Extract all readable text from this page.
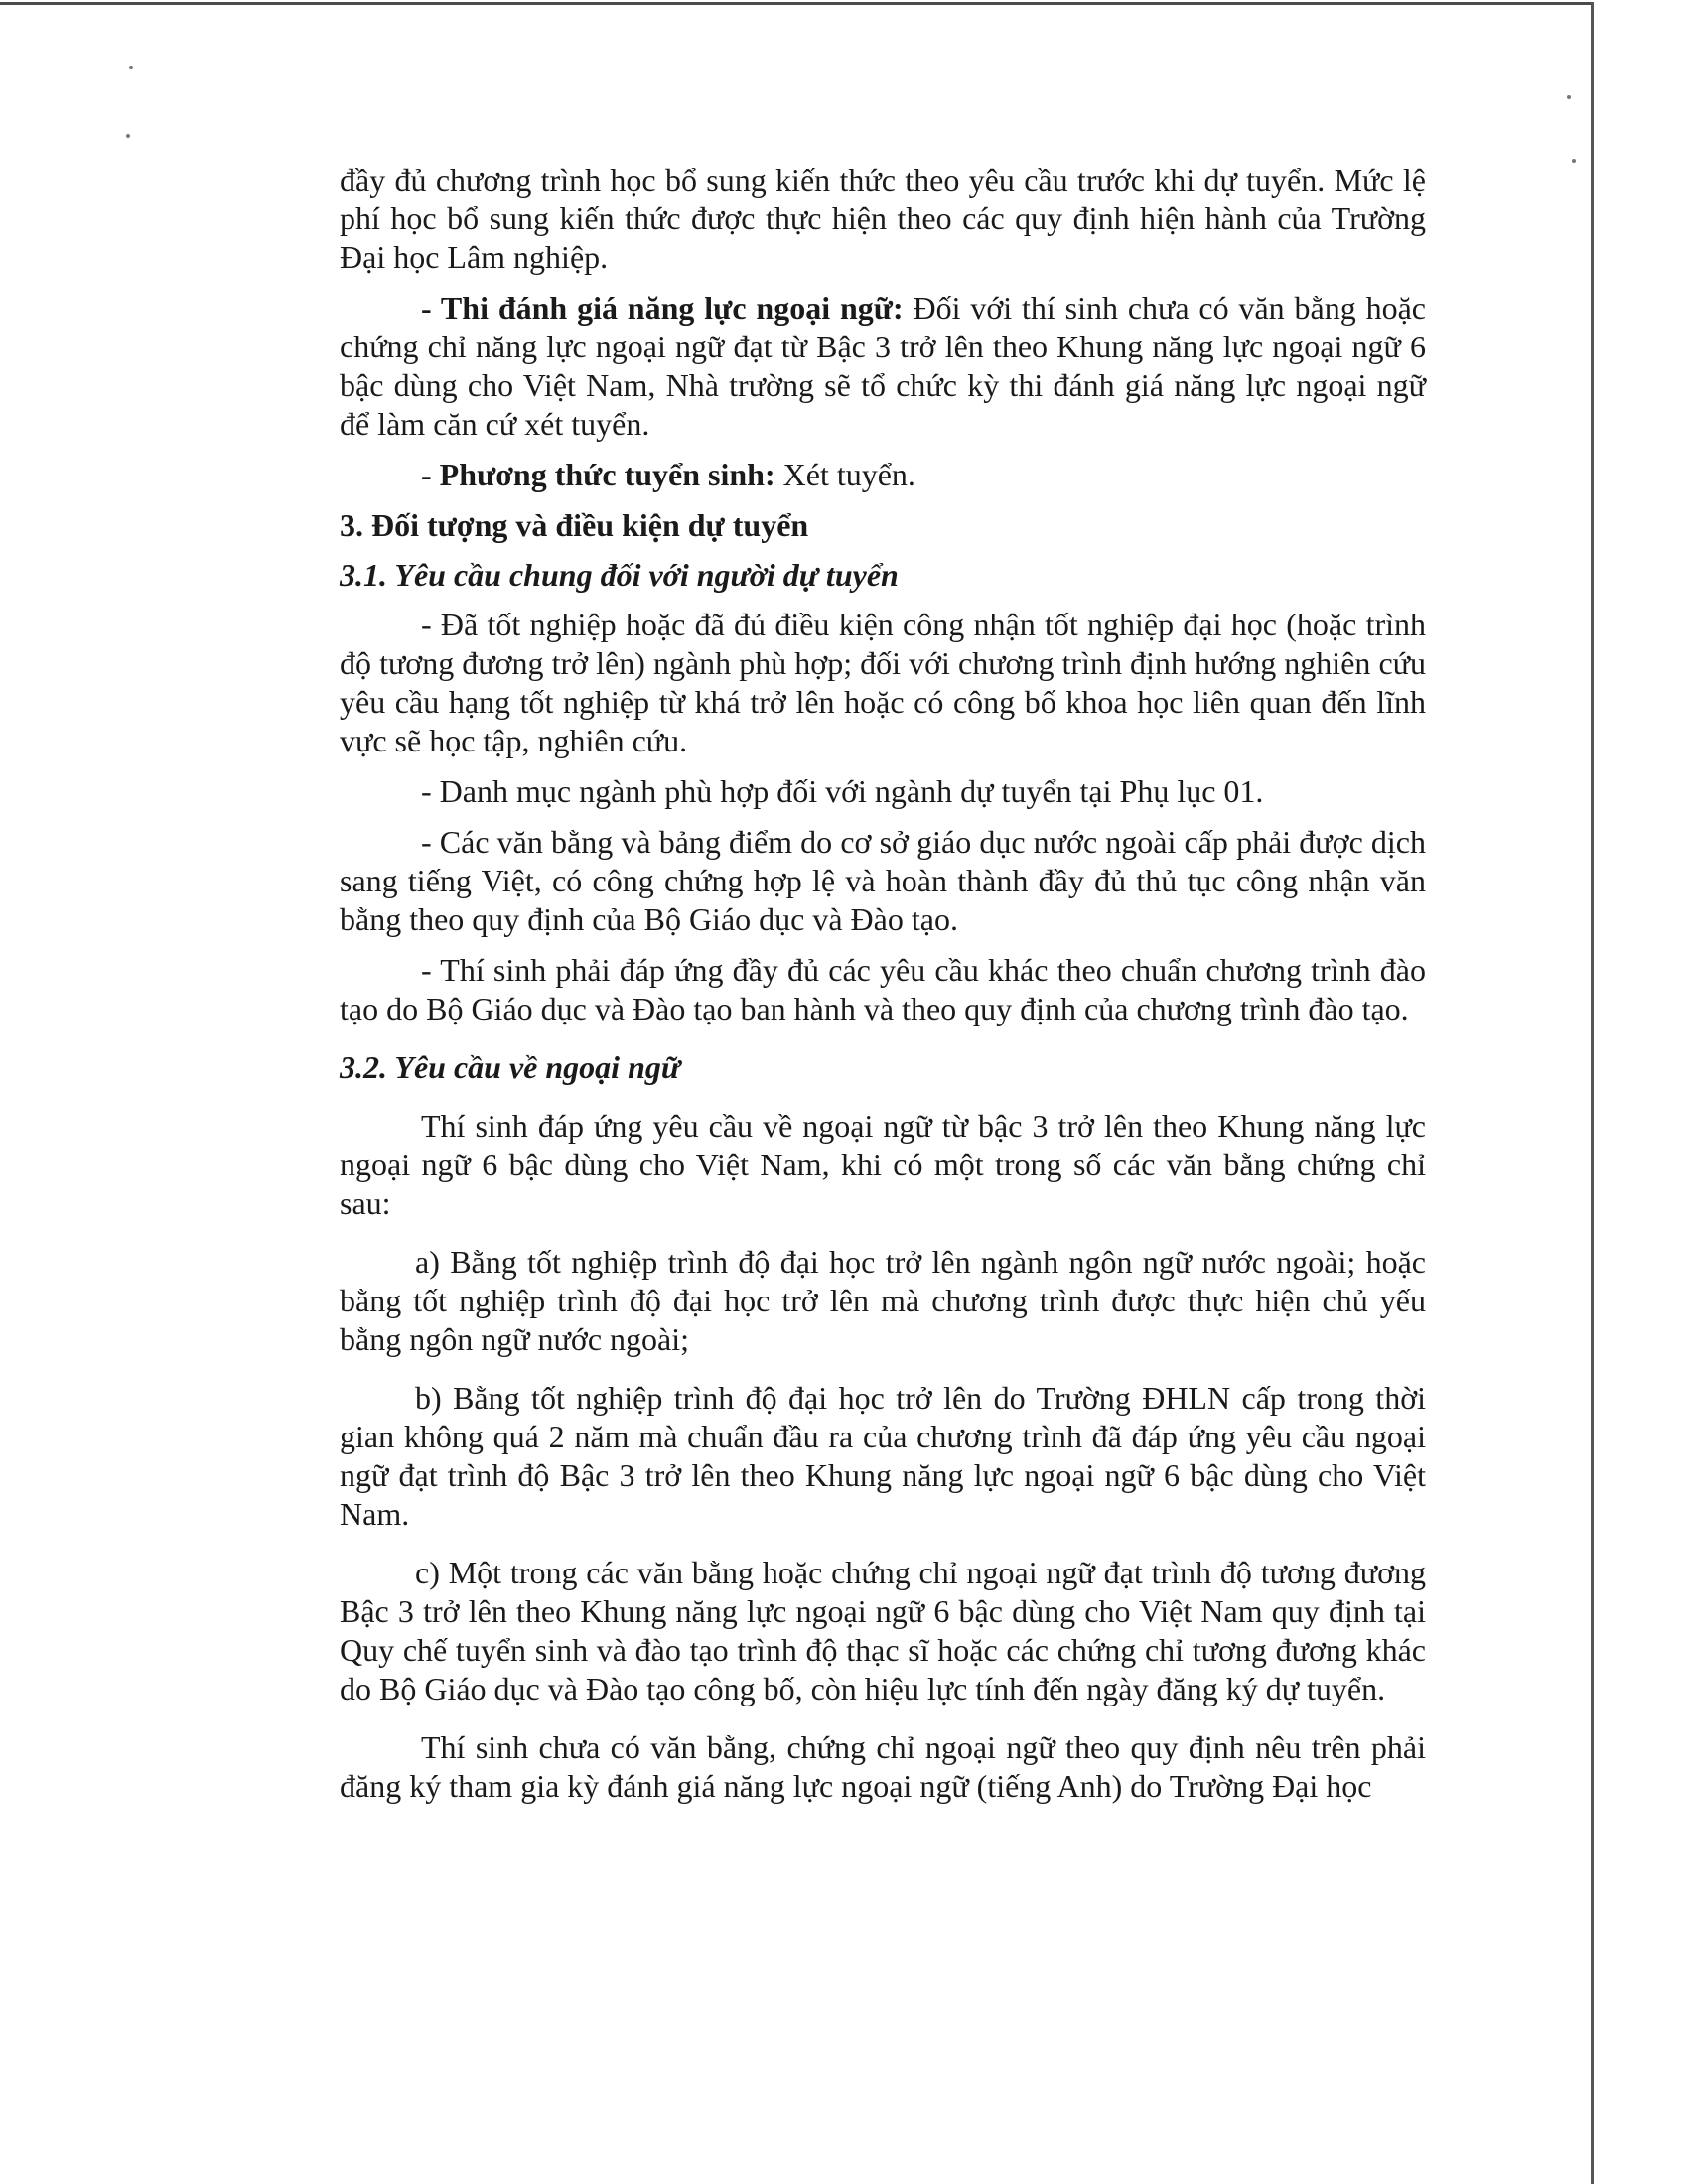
đầy đủ chương trình học bổ sung kiến thức theo yêu cầu trước khi dự tuyển. Mức lệ phí học bổ sung kiến thức được thực hiện theo các quy định hiện hành của Trường Đại học Lâm nghiệp.

- Thi đánh giá năng lực ngoại ngữ: Đối với thí sinh chưa có văn bằng hoặc chứng chỉ năng lực ngoại ngữ đạt từ Bậc 3 trở lên theo Khung năng lực ngoại ngữ 6 bậc dùng cho Việt Nam, Nhà trường sẽ tổ chức kỳ thi đánh giá năng lực ngoại ngữ để làm căn cứ xét tuyển.

- Phương thức tuyển sinh: Xét tuyển.

3. Đối tượng và điều kiện dự tuyển

3.1. Yêu cầu chung đối với người dự tuyển

- Đã tốt nghiệp hoặc đã đủ điều kiện công nhận tốt nghiệp đại học (hoặc trình độ tương đương trở lên) ngành phù hợp; đối với chương trình định hướng nghiên cứu yêu cầu hạng tốt nghiệp từ khá trở lên hoặc có công bố khoa học liên quan đến lĩnh vực sẽ học tập, nghiên cứu.

- Danh mục ngành phù hợp đối với ngành dự tuyển tại Phụ lục 01.

- Các văn bằng và bảng điểm do cơ sở giáo dục nước ngoài cấp phải được dịch sang tiếng Việt, có công chứng hợp lệ và hoàn thành đầy đủ thủ tục công nhận văn bằng theo quy định của Bộ Giáo dục và Đào tạo.

- Thí sinh phải đáp ứng đầy đủ các yêu cầu khác theo chuẩn chương trình đào tạo do Bộ Giáo dục và Đào tạo ban hành và theo quy định của chương trình đào tạo.

3.2. Yêu cầu về ngoại ngữ

Thí sinh đáp ứng yêu cầu về ngoại ngữ từ bậc 3 trở lên theo Khung năng lực ngoại ngữ 6 bậc dùng cho Việt Nam, khi có một trong số các văn bằng chứng chỉ sau:

a) Bằng tốt nghiệp trình độ đại học trở lên ngành ngôn ngữ nước ngoài; hoặc bằng tốt nghiệp trình độ đại học trở lên mà chương trình được thực hiện chủ yếu bằng ngôn ngữ nước ngoài;

b) Bằng tốt nghiệp trình độ đại học trở lên do Trường ĐHLN cấp trong thời gian không quá 2 năm mà chuẩn đầu ra của chương trình đã đáp ứng yêu cầu ngoại ngữ đạt trình độ Bậc 3 trở lên theo Khung năng lực ngoại ngữ 6 bậc dùng cho Việt Nam.

c) Một trong các văn bằng hoặc chứng chỉ ngoại ngữ đạt trình độ tương đương Bậc 3 trở lên theo Khung năng lực ngoại ngữ 6 bậc dùng cho Việt Nam quy định tại Quy chế tuyển sinh và đào tạo trình độ thạc sĩ hoặc các chứng chỉ tương đương khác do Bộ Giáo dục và Đào tạo công bố, còn hiệu lực tính đến ngày đăng ký dự tuyển.

Thí sinh chưa có văn bằng, chứng chỉ ngoại ngữ theo quy định nêu trên phải đăng ký tham gia kỳ đánh giá năng lực ngoại ngữ (tiếng Anh) do Trường Đại học
